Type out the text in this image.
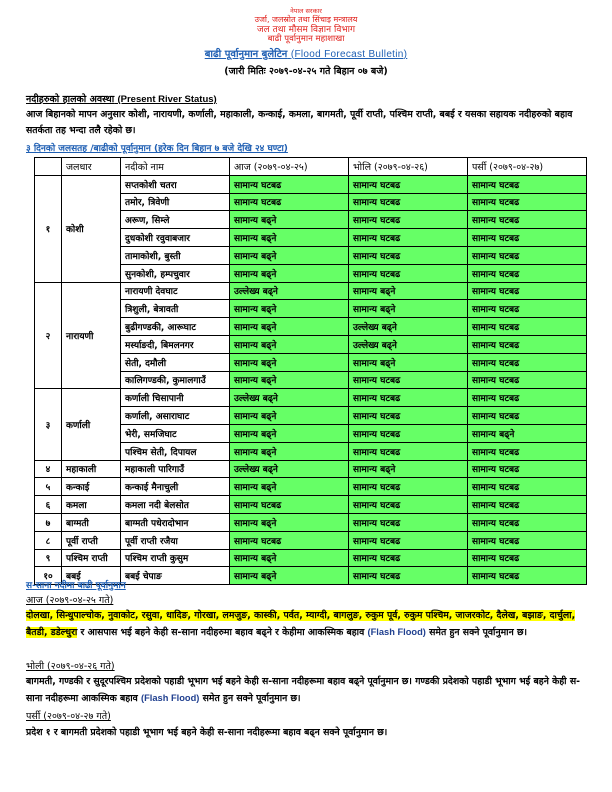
नेपाल सरकार
उर्जा, जलस्रोत तथा सिंचाइ मन्त्रालय
जल तथा मौसम विज्ञान विभाग
बाढी पूर्वानुमान महाशाखा
बाढी पूर्वानुमान बुलेटिन (Flood Forecast Bulletin)
(जारी मितिः २०७९-०४-२५ गते बिहान ०७ बजे)
नदीहरुको हालको अवस्था (Present River Status)
आज बिहानको मापन अनुसार कोशी, नारायणी, कर्णाली, महाकाली, कन्काई, कमला, बागमती, पूर्वी राप्ती, पश्चिम राप्ती, बबई र यसका सहायक नदीहरुको बहाव सतर्कता तह भन्दा तलै रहेको छ।
३ दिनको जलसतह /बाढीको पूर्वानुमान (हरेक दिन बिहान ७ बजे देखि २४ घण्टा)
	जलधार	नदीको नाम	आज (२०७९-०४-२५)	भोलि (२०७९-०४-२६)	पर्सी (२०७९-०४-२७)
१	कोशी	सप्तकोशी चतरा	सामान्य घटबढ	सामान्य घटबढ	सामान्य घटबढ
		तमोर, त्रिवेणी	सामान्य घटबढ	सामान्य घटबढ	सामान्य घटबढ
		अरूण, सिम्ले	सामान्य बढ्ने	सामान्य घटबढ	सामान्य घटबढ
		दुधकोशी रवुवाबजार	सामान्य बढ्ने	सामान्य घटबढ	सामान्य घटबढ
		तामाकोशी, बुस्ती	सामान्य बढ्ने	सामान्य घटबढ	सामान्य घटबढ
		सुनकोशी, हम्पचुवार	सामान्य बढ्ने	सामान्य घटबढ	सामान्य घटबढ
२	नारायणी	नारायणी देवघाट	उल्लेख्य बढ्ने	सामान्य बढ्ने	सामान्य घटबढ
		त्रिशुली, बेत्रावती	सामान्य बढ्ने	सामान्य बढ्ने	सामान्य घटबढ
		बुढीगण्डकी, आरूघाट	सामान्य बढ्ने	उल्लेख्य बढ्ने	सामान्य घटबढ
		मर्स्याङदी, बिमलनगर	सामान्य बढ्ने	उल्लेख्य बढ्ने	सामान्य घटबढ
		सेती, दमौली	सामान्य बढ्ने	सामान्य बढ्ने	सामान्य घटबढ
		कालिगण्डकी, कुमालगाउँ	सामान्य बढ्ने	सामान्य घटबढ	सामान्य घटबढ
३	कर्णाली	कर्णाली चिसापानी	उल्लेख्य बढ्ने	सामान्य घटबढ	सामान्य घटबढ
		कर्णाली, असाराघाट	सामान्य बढ्ने	सामान्य घटबढ	सामान्य घटबढ
		भेरी, समजिघाट	सामान्य बढ्ने	सामान्य घटबढ	सामान्य बढ्ने
		पश्चिम सेती, दिपायल	सामान्य बढ्ने	सामान्य घटबढ	सामान्य घटबढ
४	महाकाली	महाकाली पारिगाउँ	उल्लेख्य बढ्ने	सामान्य बढ्ने	सामान्य घटबढ
५	कन्काई	कन्काई मैनाचुली	सामान्य बढ्ने	सामान्य घटबढ	सामान्य घटबढ
६	कमला	कमला नदी बेलसोत	सामान्य घटबढ	सामान्य घटबढ	सामान्य घटबढ
७	बाग्मती	बाग्मती पधेरादोभान	सामान्य बढ्ने	सामान्य घटबढ	सामान्य घटबढ
८	पूर्वी राप्ती	पूर्वी राप्ती रजैया	सामान्य घटबढ	सामान्य घटबढ	सामान्य घटबढ
९	पश्चिम राप्ती	पश्चिम राप्ती कुसुम	सामान्य बढ्ने	सामान्य घटबढ	सामान्य घटबढ
१०	बबई	बबई चेपाङ	सामान्य बढ्ने	सामान्य घटबढ	सामान्य घटबढ
स-साना नदीमा बाढी पूर्वानुमान
आज (२०७९-०४-२५ गते)
दोलखा, सिन्धुपाल्चोक, नुवाकोट, रसुवा, धादिङ, गोरखा, लमजुङ, कास्की, पर्वत, म्याग्दी, बागलुङ, रुकुम पूर्व, रुकुम पश्चिम, जाजरकोट, दैलेख, बझाङ, दार्चुला, बैतडी, डडेल्धुरा र आसपास भई बहने केही स-साना नदीहरुमा बहाव बढ्ने र केहीमा आकस्मिक बहाव (Flash Flood) समेत हुन सक्ने पूर्वानुमान छ।
भोली (२०७९-०४-२६ गते)
बागमती, गण्डकी र सुदूरपश्चिम प्रदेशको पहाडी भूभाग भई बहने केही स-साना नदीहरूमा बहाव बढ्ने पूर्वानुमान छ। गण्डकी प्रदेशको पहाडी भूभाग भई बहने केही स-साना नदीहरूमा आकस्मिक बहाव (Flash Flood) समेत हुन सक्ने पूर्वानुमान छ।
पर्सी (२०७९-०४-२७ गते)
प्रदेश १ र बागमती प्रदेशको पहाडी भूभाग भई बहने केही स-साना नदीहरूमा बहाव बढ्न सक्ने पूर्वानुमान छ।
